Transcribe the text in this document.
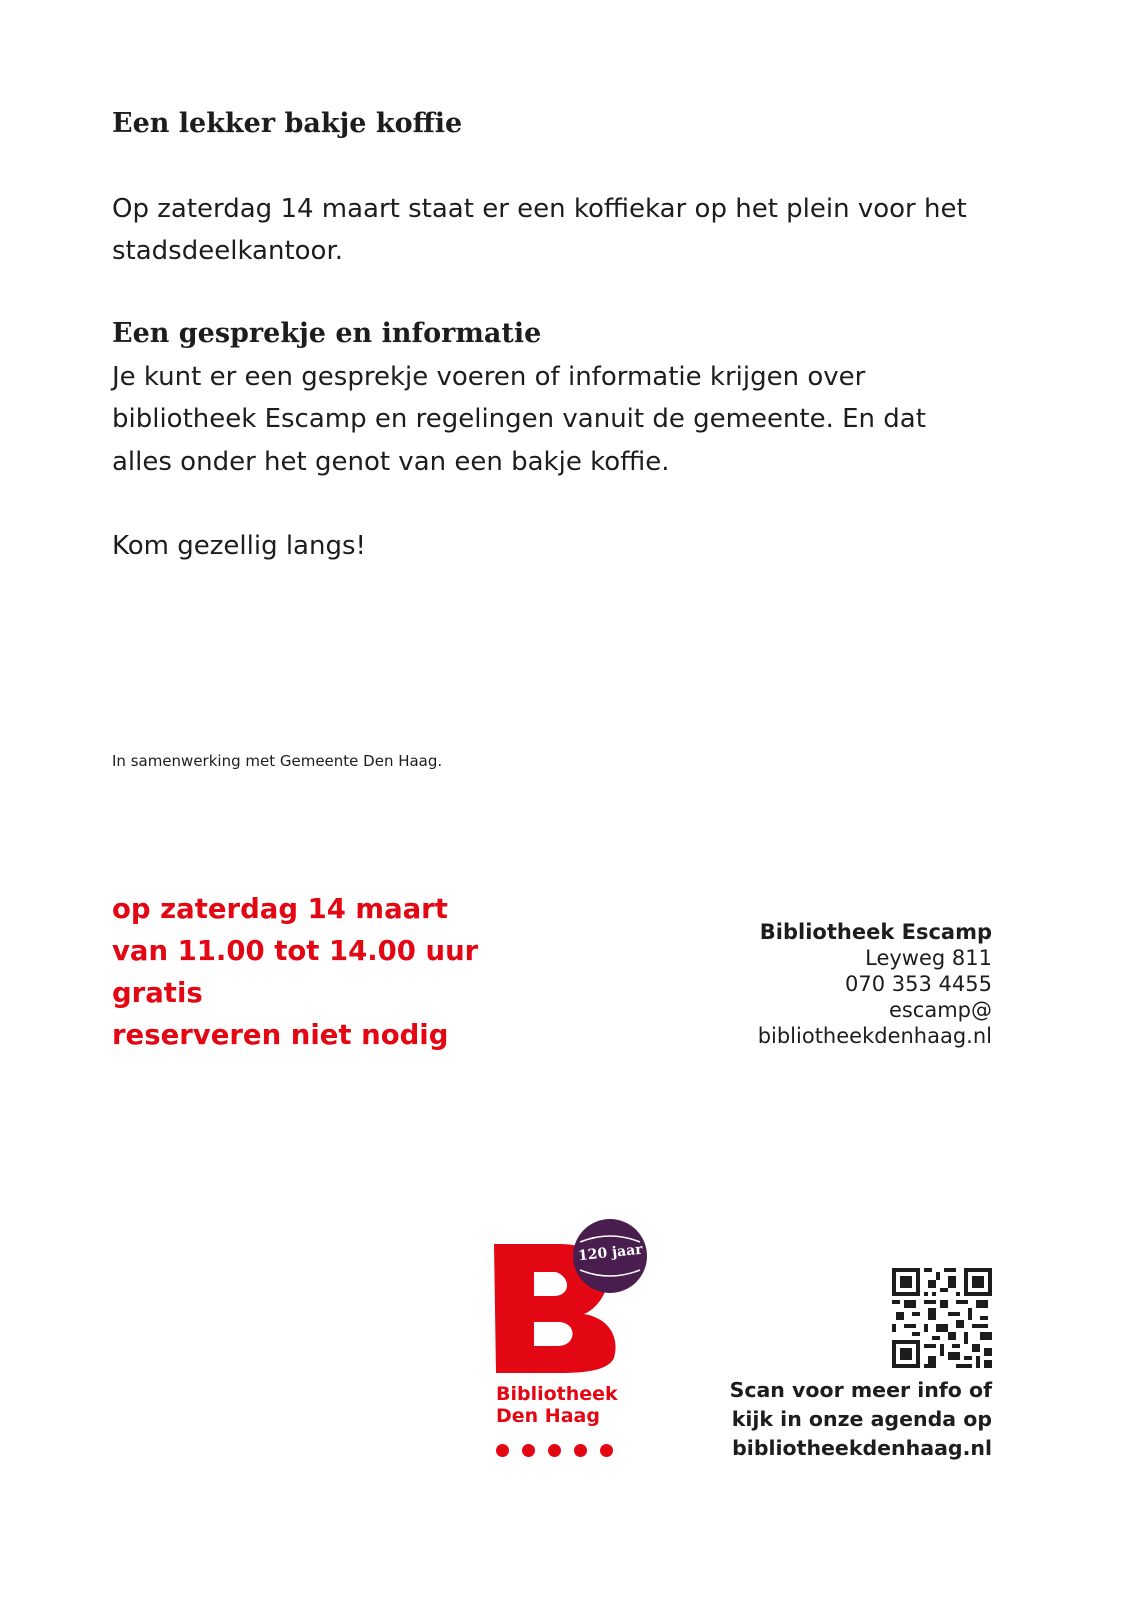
Een lekker bakje koffie

Op zaterdag 14 maart staat er een koffiekar op het plein voor het

stadsdeelkantoor.

Een gesprekje en informatie

Je kunt er een gesprekje voeren of informatie krijgen over

bibliotheek Escamp en regelingen vanuit de gemeente. En dat

alles onder het genot van een bakje koffie.

Kom gezellig langs!

In samenwerking met Gemeente Den Haag.
op zaterdag 14 maart
van 11.00 tot 14.00 uur
gratis
reserveren niet nodig
Bibliotheek Escamp
Leyweg 811
070 353 4455
escamp@
bibliotheekdenhaag.nl
120 jaar
Bibliotheek
Den Haag
Scan voor meer info of
kijk in onze agenda op
bibliotheekdenhaag.nl
